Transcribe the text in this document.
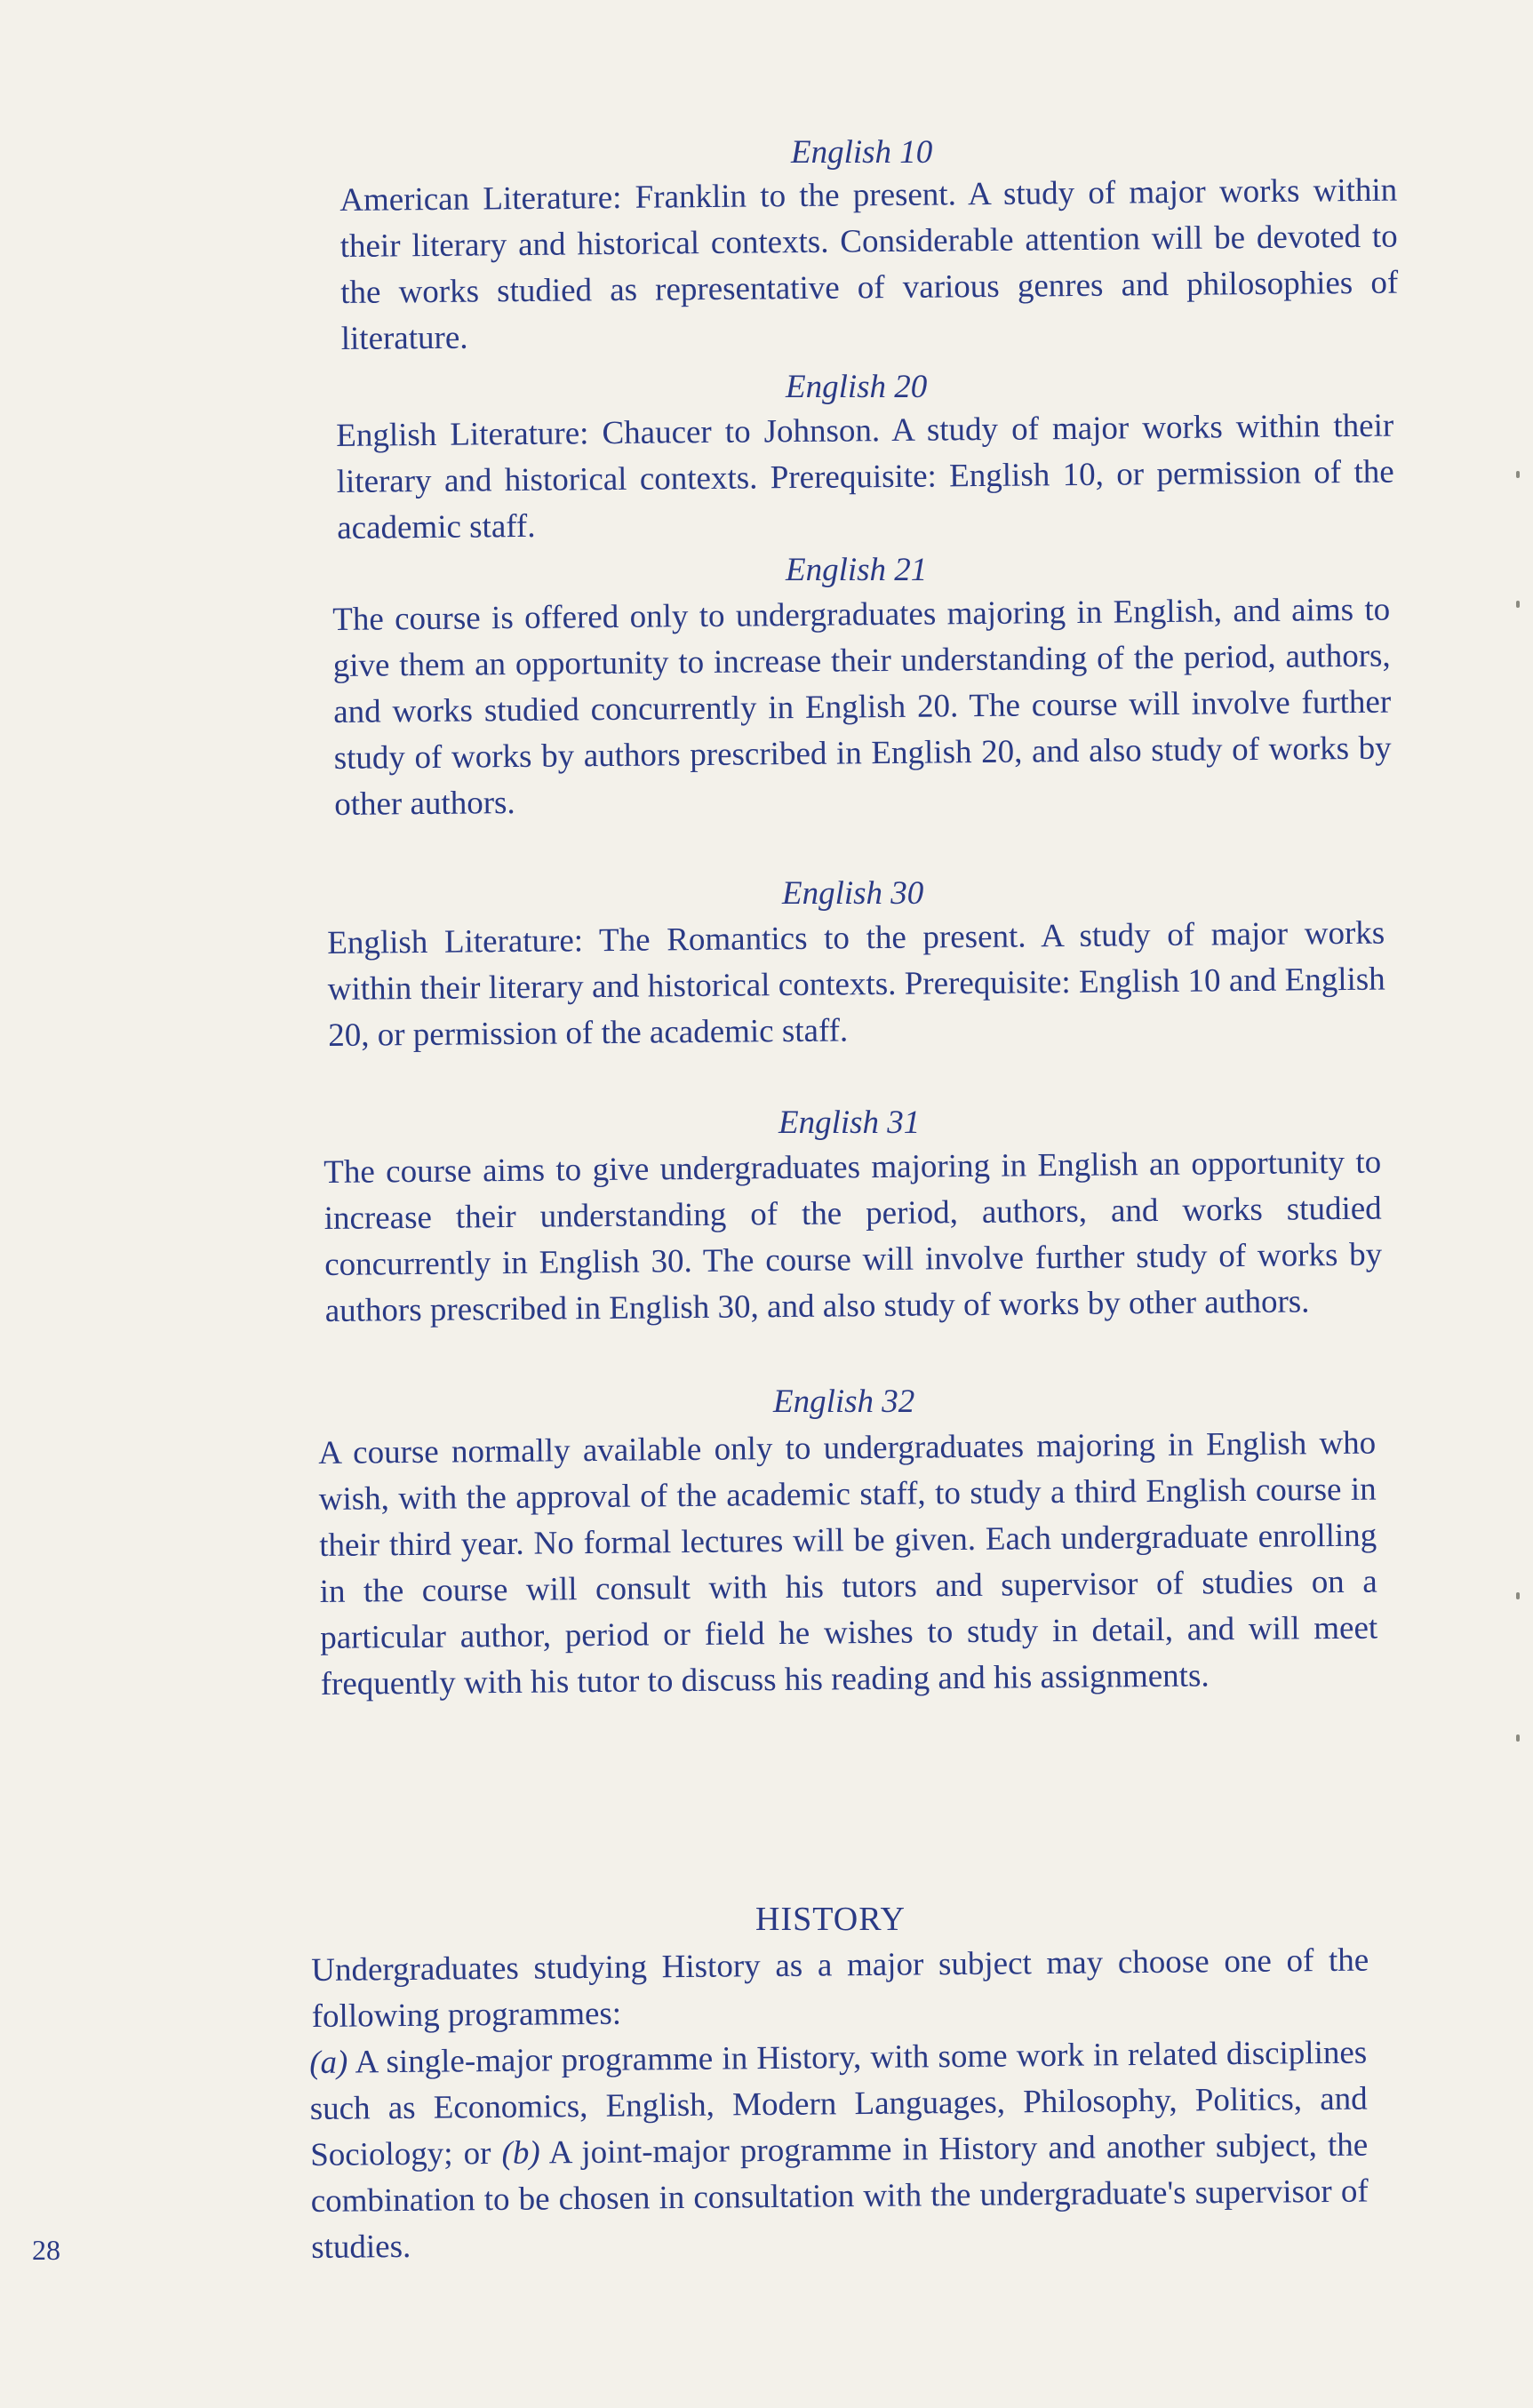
English 10
American Literature: Franklin to the present. A study of major works within their literary and historical contexts. Considerable attention will be devoted to the works studied as representative of various genres and philosophies of literature.
English 20
English Literature: Chaucer to Johnson. A study of major works within their literary and historical contexts. Prerequisite: English 10, or permission of the academic staff.
English 21
The course is offered only to undergraduates majoring in English, and aims to give them an opportunity to increase their understanding of the period, authors, and works studied concurrently in English 20. The course will involve further study of works by authors prescribed in English 20, and also study of works by other authors.
English 30
English Literature: The Romantics to the present. A study of major works within their literary and historical contexts. Prerequisite: English 10 and English 20, or permission of the academic staff.
English 31
The course aims to give undergraduates majoring in English an opportunity to increase their understanding of the period, authors, and works studied concurrently in English 30. The course will involve further study of works by authors prescribed in English 30, and also study of works by other authors.
English 32
A course normally available only to undergraduates majoring in English who wish, with the approval of the academic staff, to study a third English course in their third year. No formal lectures will be given. Each undergraduate enrolling in the course will consult with his tutors and supervisor of studies on a particular author, period or field he wishes to study in detail, and will meet frequently with his tutor to discuss his reading and his assignments.
HISTORY
Undergraduates studying History as a major subject may choose one of the following programmes:
(a) A single-major programme in History, with some work in related disciplines such as Economics, English, Modern Languages, Philosophy, Politics, and Sociology; or (b) A joint-major programme in History and another subject, the combination to be chosen in consultation with the undergraduate's supervisor of studies.
28
